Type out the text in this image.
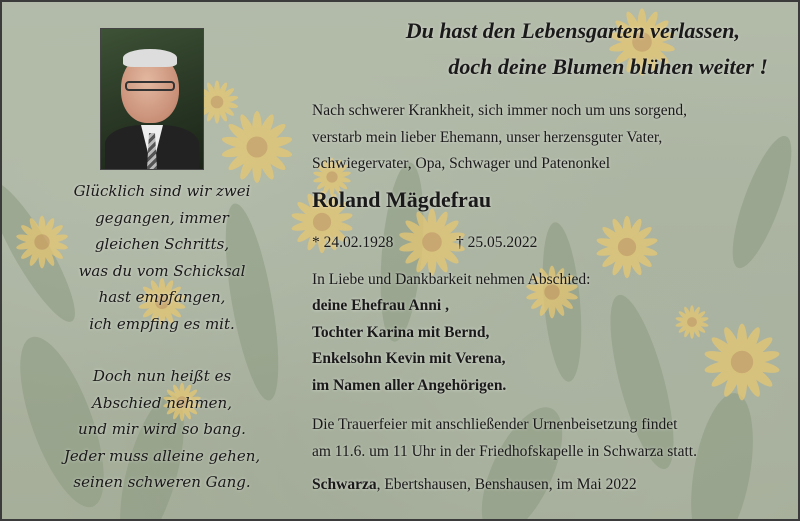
Glücklich sind wir zwei
gegangen, immer
gleichen Schritts,
was du vom Schicksal
hast empfangen,
ich empfing es mit.
Doch nun heißt es
Abschied nehmen,
und mir wird so bang.
Jeder muss alleine gehen,
seinen schweren Gang.
Du hast den Lebensgarten verlassen,
doch deine Blumen blühen weiter !
Nach schwerer Krankheit, sich immer noch um uns sorgend,
verstarb mein lieber Ehemann, unser herzensguter Vater,
Schwiegervater, Opa, Schwager und Patenonkel
Roland Mägdefrau
* 24.02.1928	† 25.05.2022
In Liebe und Dankbarkeit nehmen Abschied:
deine Ehefrau Anni ,
Tochter Karina mit Bernd,
Enkelsohn Kevin mit Verena,
im Namen aller Angehörigen.
Die Trauerfeier mit anschließender Urnenbeisetzung findet
am 11.6. um 11 Uhr in der Friedhofskapelle in Schwarza statt.
Schwarza, Ebertshausen, Benshausen, im Mai 2022
